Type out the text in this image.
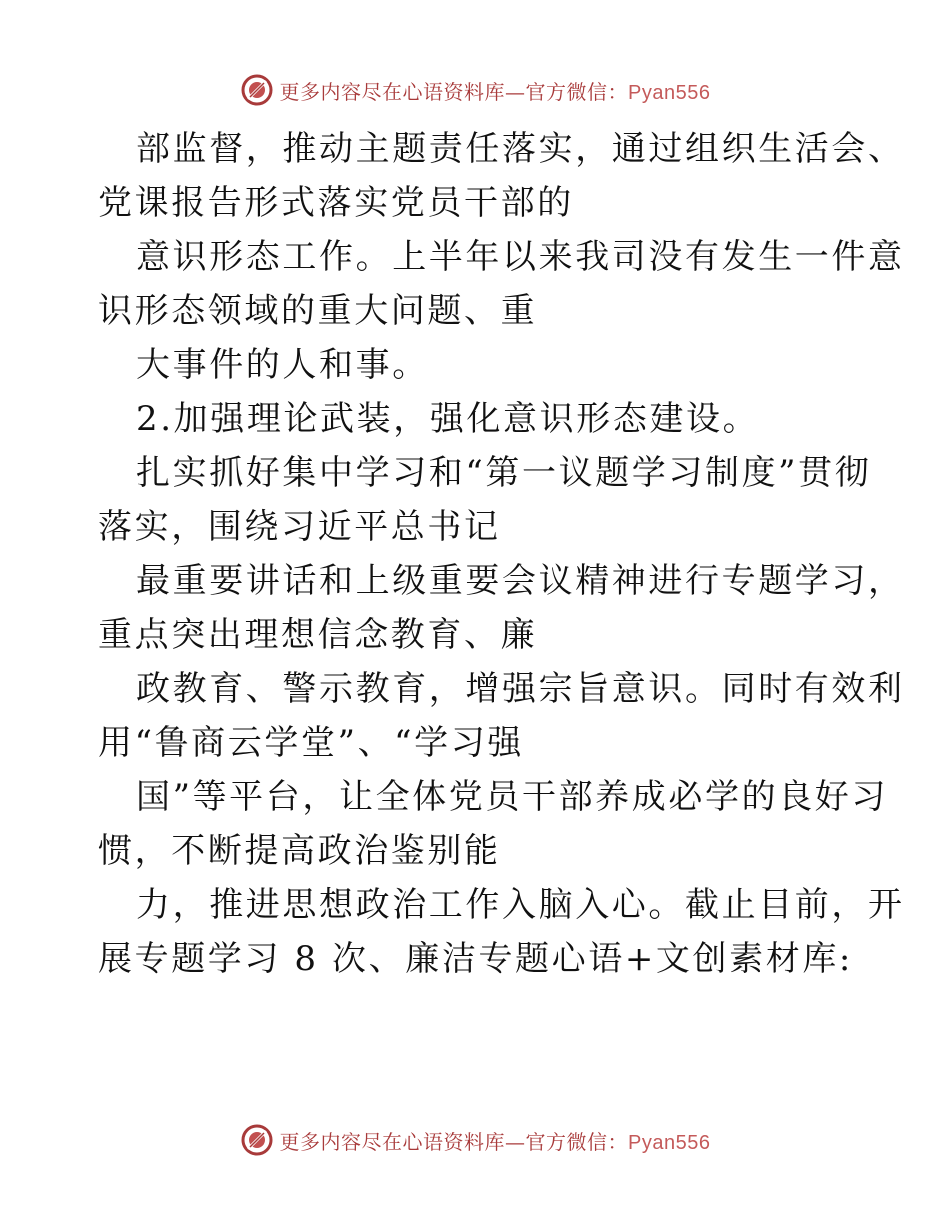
更多内容尽在心语资料库—官方微信：Pyan556
部监督，推动主题责任落实，通过组织生活会、
党课报告形式落实党员干部的
意识形态工作。上半年以来我司没有发生一件意
识形态领域的重大问题、重
大事件的人和事。
2.加强理论武装，强化意识形态建设。
扎实抓好集中学习和“第一议题学习制度”贯彻
落实，围绕习近平总书记
最重要讲话和上级重要会议精神进行专题学习，
重点突出理想信念教育、廉
政教育、警示教育，增强宗旨意识。同时有效利
用“鲁商云学堂”、“学习强
国”等平台，让全体党员干部养成必学的良好习
惯，不断提高政治鉴别能
力，推进思想政治工作入脑入心。截止目前，开
展专题学习 8 次、廉洁专题心语+文创素材库:
更多内容尽在心语资料库—官方微信：Pyan556
